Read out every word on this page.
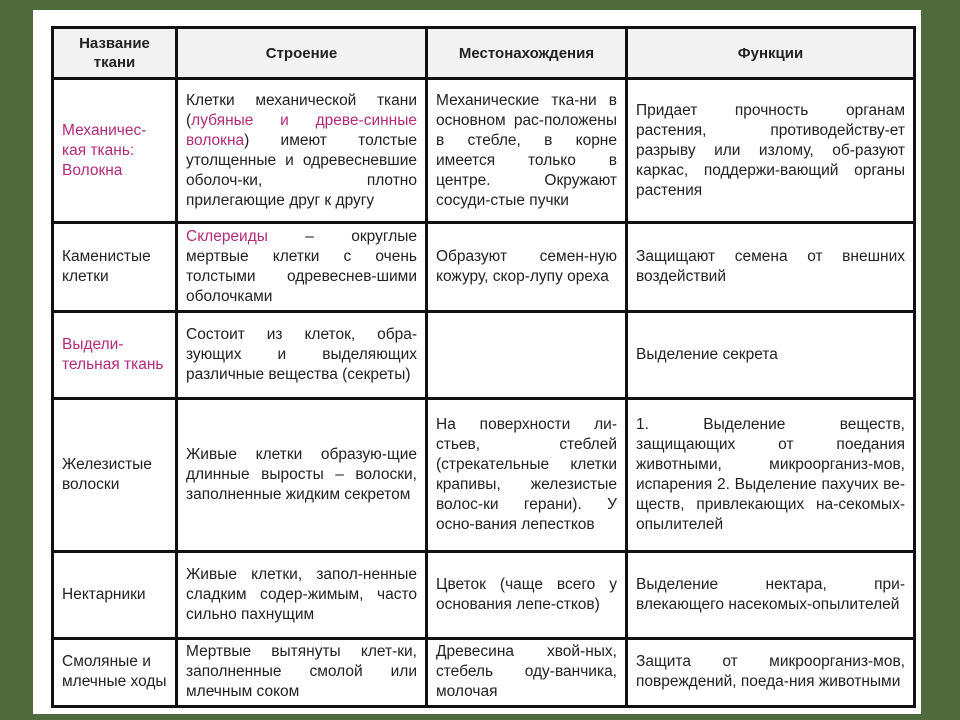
Название ткани	Строение	Местонахождения	Функции
Механичес-кая ткань: Волокна	Клетки механической ткани (лубяные и древе-синные волокна) имеют толстые утолщенные и одревесневшие оболоч-ки, плотно прилегающие друг к другу	Механические тка-ни в основном рас-положены в стебле, в корне имеется только в центре. Окружают сосуди-стые пучки	Придает прочность органам растения, противодейству-ет разрыву или излому, об-разуют каркас, поддержи-вающий органы растения
Каменистые клетки	Склереиды – округлые мертвые клетки с очень толстыми одревеснев-шими оболочками	Образуют семен-ную кожуру, скор-лупу ореха	Защищают семена от внешних воздействий
Выдели-тельная ткань	Состоит из клеток, обра-зующих и выделяющих различные вещества (секреты)		Выделение секрета
Железистые волоски	Живые клетки образую-щие длинные выросты – волоски, заполненные жидким секретом	На поверхности ли-стьев, стеблей (стрекательные клетки крапивы, железистые волос-ки герани). У осно-вания лепестков	1. Выделение веществ, защищающих от поедания животными, микроорганиз-мов, испарения 2. Выделение пахучих ве-ществ, привлекающих на-секомых-опылителей
Нектарники	Живые клетки, запол-ненные сладким содер-жимым, часто сильно пахнущим	Цветок (чаще всего у основания лепе-стков)	Выделение нектара, при-влекающего насекомых-опылителей
Смоляные и млечные ходы	Мертвые вытянуты клет-ки, заполненные смолой или млечным соком	Древесина хвой-ных, стебель оду-ванчика, молочая	Защита от микроорганиз-мов, повреждений, поеда-ния животными
